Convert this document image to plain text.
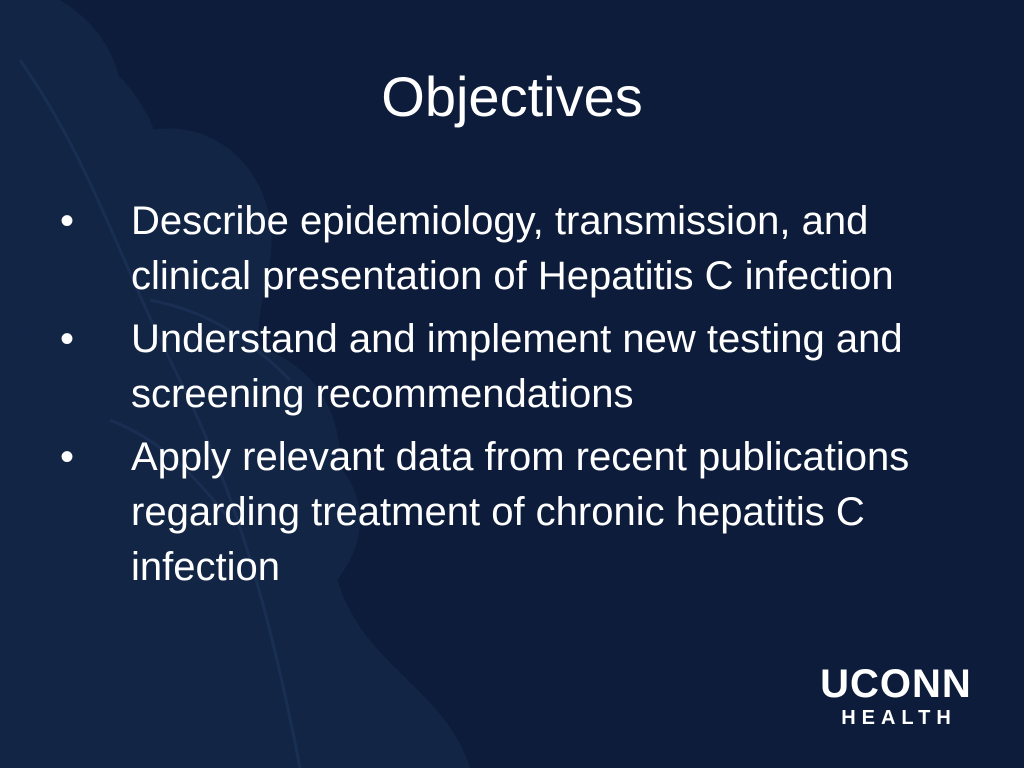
Objectives
•	Describe epidemiology, transmission, and clinical presentation of Hepatitis C infection
•	Understand and implement new testing and screening recommendations
•	Apply relevant data from recent publications regarding treatment of chronic hepatitis C infection
UCONN
HEALTH
